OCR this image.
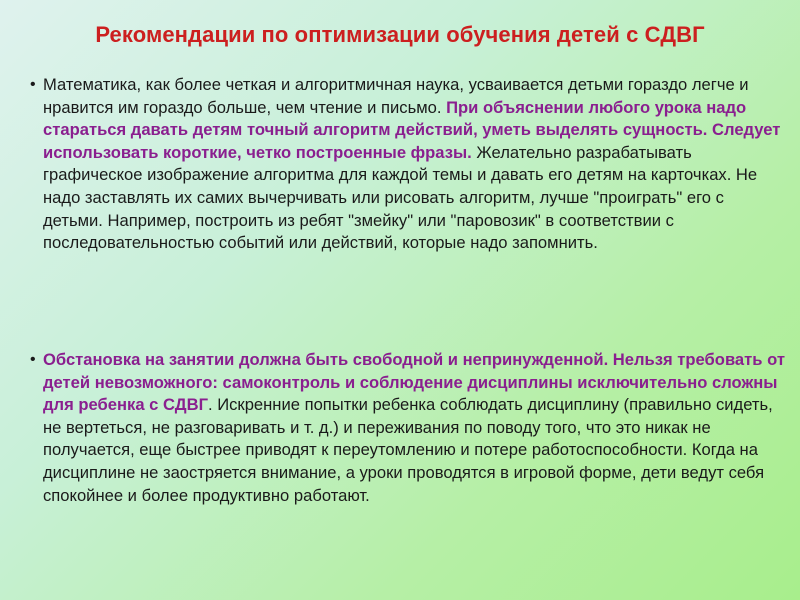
Рекомендации по оптимизации обучения детей с СДВГ
• Математика, как более четкая и алгоритмичная наука, усваивается детьми гораздо легче и нравится им гораздо больше, чем чтение и письмо. При объяснении любого урока надо стараться давать детям точный алгоритм действий, уметь выделять сущность. Следует использовать короткие, четко построенные фразы. Желательно разрабатывать графическое изображение алгоритма для каждой темы и давать его детям на карточках. Не надо заставлять их самих вычерчивать или рисовать алгоритм, лучше "проиграть" его с детьми. Например, построить из ребят "змейку" или "паровозик" в соответствии с последовательностью событий или действий, которые надо запомнить.
• Обстановка на занятии должна быть свободной и непринужденной. Нельзя требовать от детей невозможного: самоконтроль и соблюдение дисциплины исключительно сложны для ребенка с СДВГ. Искренние попытки ребенка соблюдать дисциплину (правильно сидеть, не вертеться, не разговаривать и т. д.) и переживания по поводу того, что это никак не получается, еще быстрее приводят к переутомлению и потере работоспособности. Когда на дисциплине не заостряется внимание, а уроки проводятся в игровой форме, дети ведут себя спокойнее и более продуктивно работают.
